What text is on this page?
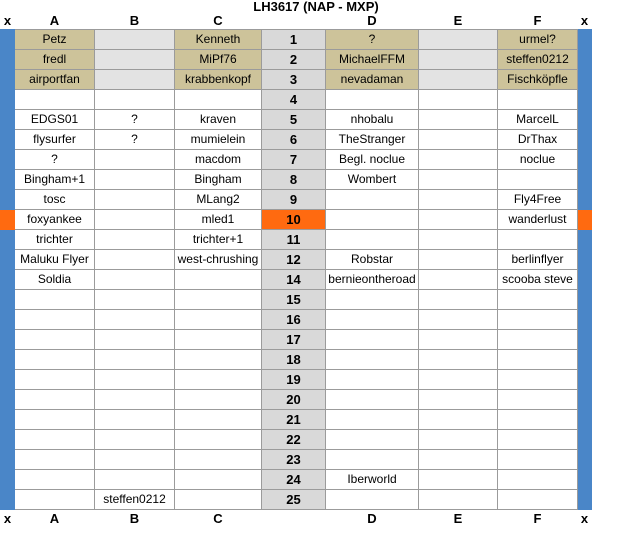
LH3617 (NAP - MXP)
x	A	B	C		D	E	F	x
	Petz		Kenneth	1	?		urmel?	
	fredl		MiPf76	2	MichaelFFM		steffen0212	
	airportfan		krabbenkopf	3	nevadaman		Fischköpfle	
				4				
	EDGS01	?	kraven	5	nhobalu		MarcelL	
	flysurfer	?	mumielein	6	TheStranger		DrThax	
	?		macdom	7	Begl. noclue		noclue	
	Bingham+1		Bingham	8	Wombert			
	tosc		MLang2	9			Fly4Free	
	foxyankee		mled1	10			wanderlust	
	trichter		trichter+1	11				
	Maluku Flyer		west-chrushing	12	Robstar		berlinflyer	
	Soldia			14	bernieontheroad		scooba steve	
				15				
				16				
				17				
				18				
				19				
				20				
				21				
				22				
				23				
				24	Iberworld			
		steffen0212		25				
x	A	B	C		D	E	F	x
